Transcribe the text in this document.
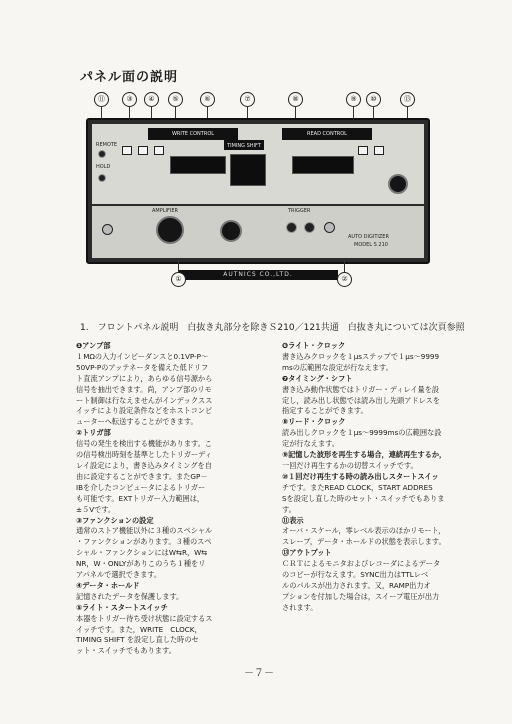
パネル面の説明
⑪	③	④	⑤	⑥	⑦	⑧	⑨	⑩	⑬
REMOTE
HOLD
WRITE CONTROL
TIMING SHIFT
READ CONTROL
AMPLIFIER	TRIGGER
AUTO DIGITIZER
MODEL S 210
AUTNICS CO.,LTD.
①	②
1.　フロントパネル説明　白抜き丸部分を除きＳ210／121共通　白抜き丸については次頁参照

❶アンプ部

１MΩの入力インピーダンスと0.1VP-P〜

50VP-Pのアッテネータを備えた低ドリフ

ト直流アンプにより，あらゆる信号源から

信号を抽出できます。尚，アンプ部のリモ

ート制御は行なえませんがインデックスス

イッチにより設定条件などをホストコンピ

ューターへ転送することができます。

②トリガ部

信号の発生を検出する機能があります。こ

の信号検出時刻を基準としたトリガーディ

レイ設定により，書き込みタイミングを自

由に設定することができます。またGP－

IBを介したコンピュータによるトリガー

も可能です。EXTトリガー入力範囲は，

±５Vです。

③ファンクションの設定

通常のストア機能以外に３種のスペシャル

・ファンクションがあります。３種のスペ

シャル・ファンクションにはW⇆R，W⇆

NR，W・ONLYがありこのうち１種をリ

アパネルで選択できます。

④データ・ホールド

記憶されたデータを保護します。

⑤ライト・スタートスイッチ

本器をトリガー待ち受け状態に設定するス

イッチです。また，WRITE　CLOCK，

TIMING SHIFT を設定し直した時のセ

ット・スイッチでもあります。

❻ライト・クロック

書き込みクロックを１μsステップで１μs〜9999

msの広範囲な設定が行なえます。

❼タイミング・シフト

書き込み動作状態ではトリガー・ディレイ量を設

定し，読み出し状態では読み出し先頭アドレスを

指定することができます。

⑧リード・クロック

読み出しクロックを１μs〜9999msの広範囲な設

定が行なえます。

⑨記憶した波形を再生する場合，連続再生するか，

一回だけ再生するかの切替スイッチです。

⑩１回だけ再生する時の読み出しスタートスイッ

チです。またREAD CLOCK，START ADDRES

Sを設定し直した時のセット・スイッチでもありま

す。

⑪表示

オーバ・スケール，零レベル表示のほかリモート，

スレーブ，データ・ホールドの状態を表示します。

⑬アウトプット

ＣＲＴによるモニタおよびレコーダによるデータ

のコピーが行なえます。SYNC出力はTTLレベ

ルのパルスが出力されます。又，RAMP出力オ

プションを付加した場合は，スイープ電圧が出力

されます。

－７－
